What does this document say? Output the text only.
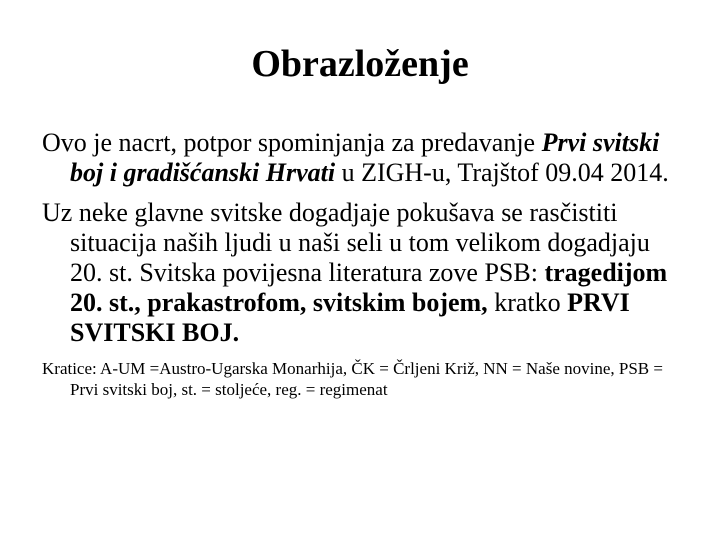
Obrazloženje

Ovo je nacrt, potpor spominjanja za predavanje Prvi svitski boj i gradišćanski Hrvati u ZIGH-u, Trajštof 09.04 2014.

Uz neke glavne svitske dogadjaje pokušava se rasčistiti situacija naših ljudi u naši seli u tom velikom dogadjaju 20. st. Svitska povijesna literatura zove PSB: tragedijom 20. st., prakastrofom, svitskim bojem, kratko PRVI SVITSKI BOJ.

Kratice: A-UM =Austro-Ugarska Monarhija, ČK = Črljeni Križ, NN = Naše novine, PSB = Prvi svitski boj, st. = stoljeće, reg. = regimenat
